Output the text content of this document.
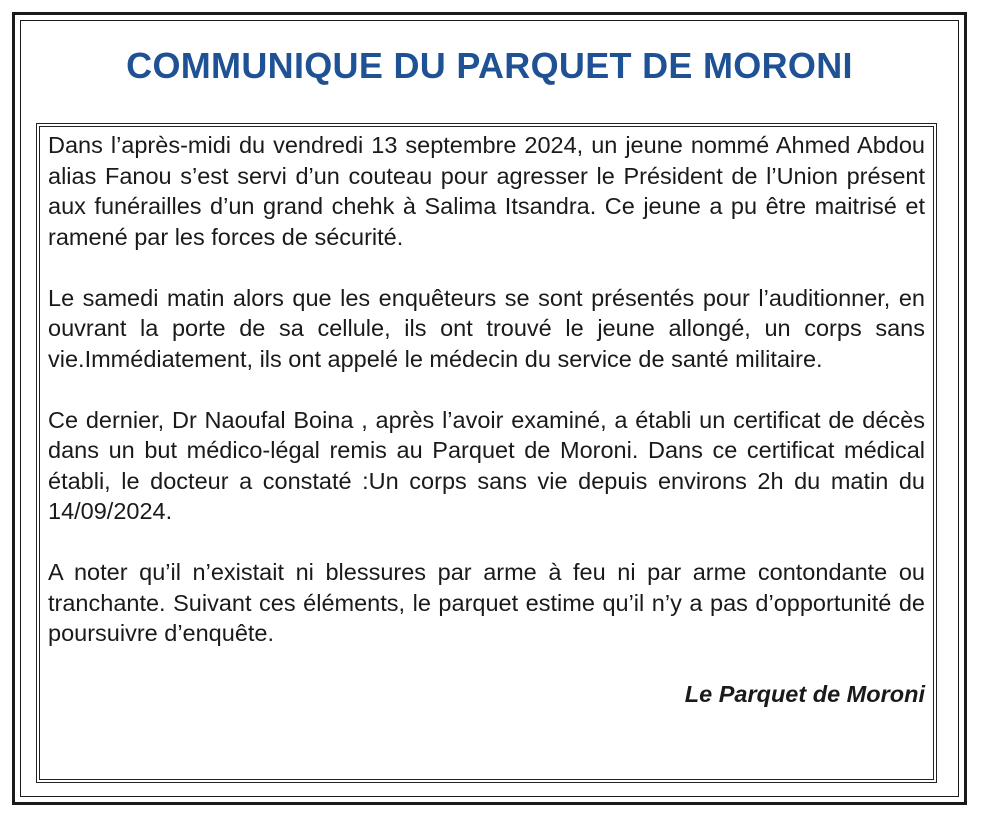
COMMUNIQUE DU PARQUET DE MORONI

Dans l’après-midi du vendredi 13 septembre 2024, un jeune nommé Ahmed Abdou alias Fanou s’est servi d’un couteau pour agresser le Président de l’Union présent aux funérailles d’un grand chehk à Salima Itsandra. Ce jeune a pu être maitrisé et ramené par les forces de sécurité.

Le samedi matin alors que les enquêteurs se sont présentés pour l’auditionner, en ouvrant la porte de sa cellule, ils ont trouvé le jeune allongé, un corps sans vie.Immédiatement, ils ont appelé le médecin du service de santé militaire.

Ce dernier, Dr Naoufal Boina , après l’avoir examiné, a établi un certificat de décès dans un but médico-légal remis au Parquet de Moroni. Dans ce certificat médical établi, le docteur a constaté :Un corps sans vie depuis environs 2h du matin du 14/09/2024.

A noter qu’il n’existait ni blessures par arme à feu ni par arme contondante ou tranchante. Suivant ces éléments, le parquet estime qu’il n’y a pas d’opportunité de poursuivre d’enquête.

Le Parquet de Moroni
